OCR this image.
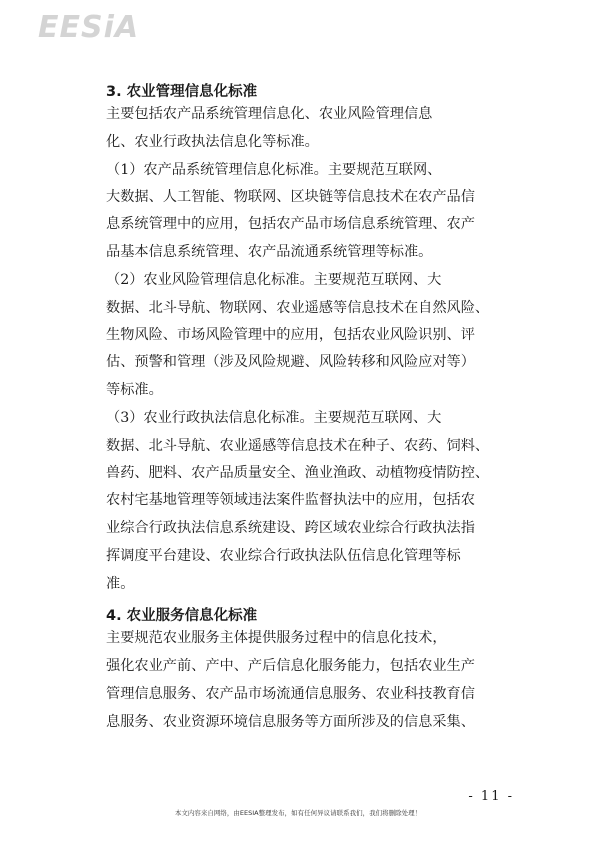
EESiA
3. 农业管理信息化标准
主要包括农产品系统管理信息化、农业风险管理信息
化、农业行政执法信息化等标准。
（1）农产品系统管理信息化标准。主要规范互联网、
大数据、人工智能、物联网、区块链等信息技术在农产品信
息系统管理中的应用，包括农产品市场信息系统管理、农产
品基本信息系统管理、农产品流通系统管理等标准。
（2）农业风险管理信息化标准。主要规范互联网、大
数据、北斗导航、物联网、农业遥感等信息技术在自然风险、
生物风险、市场风险管理中的应用，包括农业风险识别、评
估、预警和管理（涉及风险规避、风险转移和风险应对等）
等标准。
（3）农业行政执法信息化标准。主要规范互联网、大
数据、北斗导航、农业遥感等信息技术在种子、农药、饲料、
兽药、肥料、农产品质量安全、渔业渔政、动植物疫情防控、
农村宅基地管理等领域违法案件监督执法中的应用，包括农
业综合行政执法信息系统建设、跨区域农业综合行政执法指
挥调度平台建设、农业综合行政执法队伍信息化管理等标
准。
4. 农业服务信息化标准
主要规范农业服务主体提供服务过程中的信息化技术，
强化农业产前、产中、产后信息化服务能力，包括农业生产
管理信息服务、农产品市场流通信息服务、农业科技教育信
息服务、农业资源环境信息服务等方面所涉及的信息采集、
- 11 -
本文内容来自网络，由EESIA整理发布，如有任何异议请联系我们，我们将删除处理！
